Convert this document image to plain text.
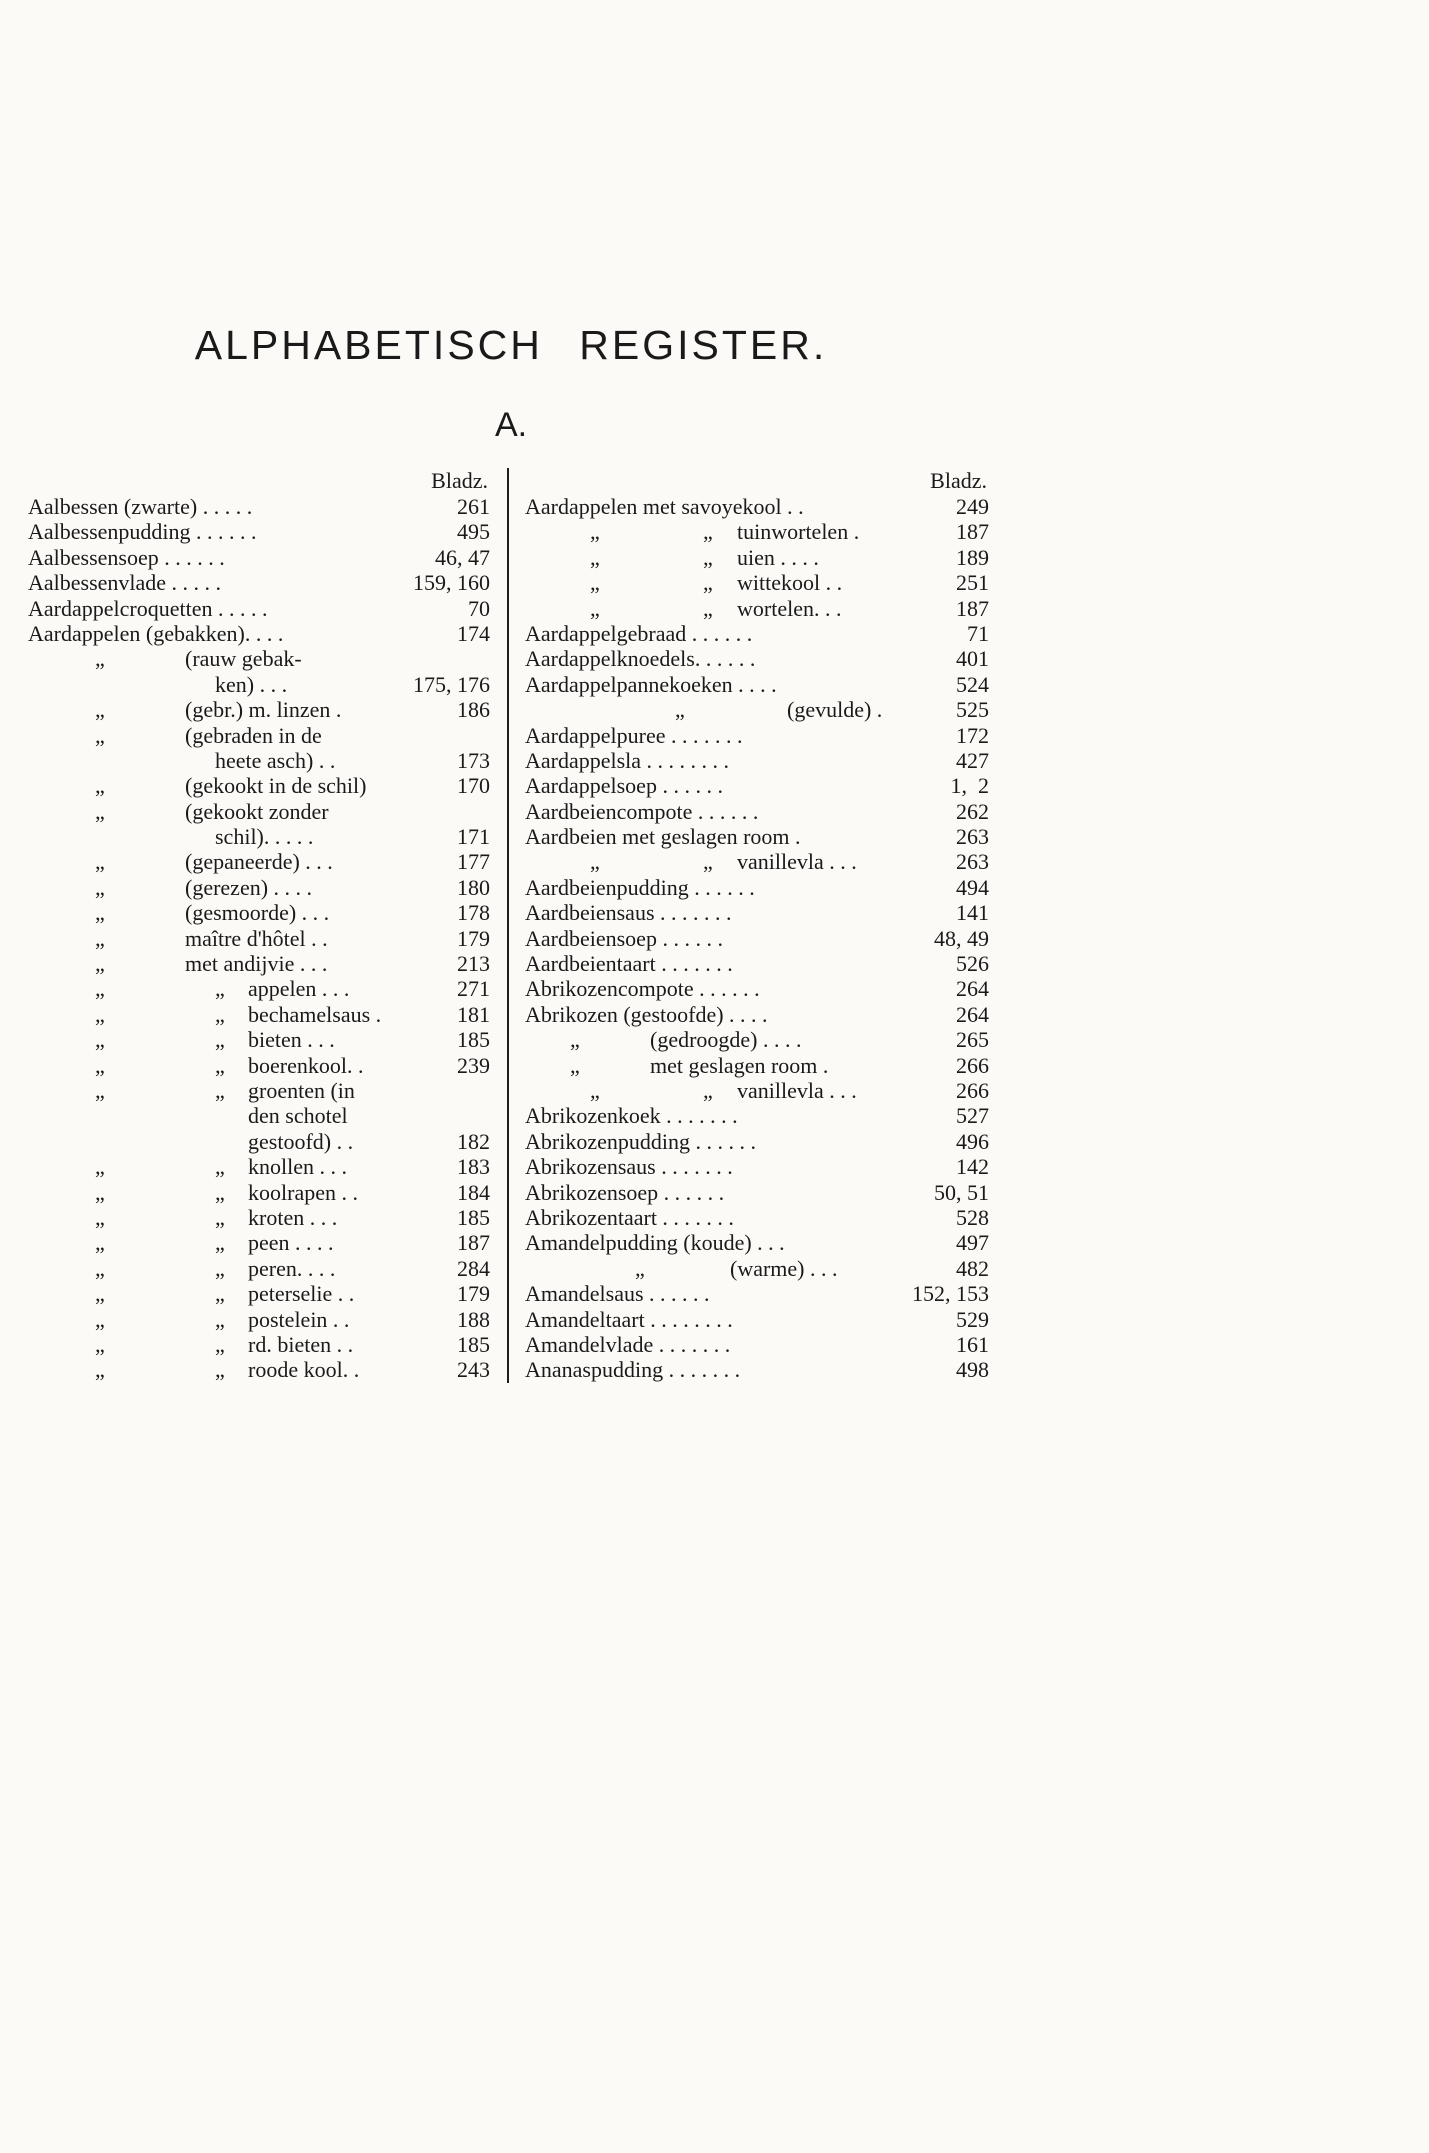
ALPHABETISCH REGISTER.
A.
Bladz.
Aalbessen (zwarte) . . . . .	261
Aalbessenpudding . . . . . .	495
Aalbessensoep . . . . . .	46, 47
Aalbessenvlade . . . . .	159, 160
Aardappelcroquetten . . . . .	70
Aardappelen (gebakken). . . .	174
„	(rauw gebak-
ken) . . .	175, 176
„	(gebr.) m. linzen .	186
„	(gebraden in de
heete asch) . .	173
„	(gekookt in de schil)	170
„	(gekookt zonder
schil). . . . .	171
„	(gepaneerde) . . .	177
„	(gerezen) . . . .	180
„	(gesmoorde) . . .	178
„	maître d'hôtel . .	179
„	met andijvie . . .	213
„	„	appelen . . .	271
„	„	bechamelsaus .	181
„	„	bieten . . .	185
„	„	boerenkool. .	239
„	„	groenten (in
den schotel
gestoofd) . .	182
„	„	knollen . . .	183
„	„	koolrapen . .	184
„	„	kroten . . .	185
„	„	peen . . . .	187
„	„	peren. . . .	284
„	„	peterselie . .	179
„	„	postelein . .	188
„	„	rd. bieten . .	185
„	„	roode kool. .	243
Bladz.
Aardappelen met savoyekool . .	249
„	„	tuinwortelen .	187
„	„	uien . . . .	189
„	„	wittekool . .	251
„	„	wortelen. . .	187
Aardappelgebraad . . . . . .	71
Aardappelknoedels. . . . . .	401
Aardappelpannekoeken . . . .	524
„	(gevulde) .	525
Aardappelpuree . . . . . . .	172
Aardappelsla . . . . . . . .	427
Aardappelsoep . . . . . .	1,  2
Aardbeiencompote . . . . . .	262
Aardbeien met geslagen room .	263
„	„	vanillevla . . .	263
Aardbeienpudding . . . . . .	494
Aardbeiensaus . . . . . . .	141
Aardbeiensoep . . . . . .	48, 49
Aardbeientaart . . . . . . .	526
Abrikozencompote . . . . . .	264
Abrikozen (gestoofde) . . . .	264
„	(gedroogde) . . . .	265
„	met geslagen room .	266
„	„	vanillevla . . .	266
Abrikozenkoek . . . . . . .	527
Abrikozenpudding . . . . . .	496
Abrikozensaus . . . . . . .	142
Abrikozensoep . . . . . .	50, 51
Abrikozentaart . . . . . . .	528
Amandelpudding (koude) . . .	497
„	(warme) . . .	482
Amandelsaus . . . . . .	152, 153
Amandeltaart . . . . . . . .	529
Amandelvlade . . . . . . .	161
Ananaspudding . . . . . . .	498
